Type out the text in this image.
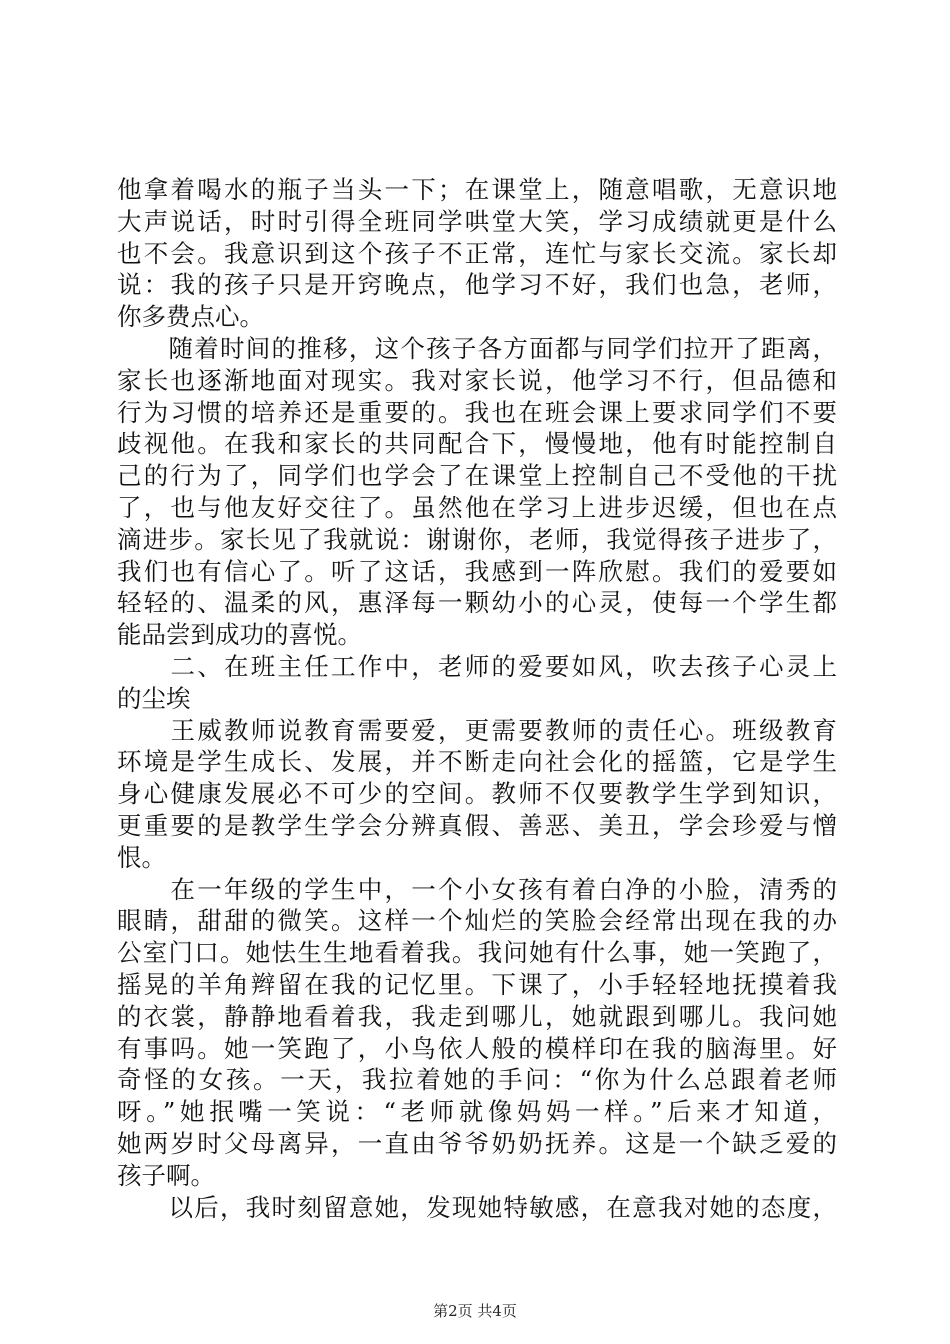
他拿着喝水的瓶子当头一下；在课堂上，随意唱歌，无意识地
大声说话，时时引得全班同学哄堂大笑，学习成绩就更是什么
也不会。我意识到这个孩子不正常，连忙与家长交流。家长却
说：我的孩子只是开窍晚点，他学习不好，我们也急，老师，
你多费点心。
　　随着时间的推移，这个孩子各方面都与同学们拉开了距离，
家长也逐渐地面对现实。我对家长说，他学习不行，但品德和
行为习惯的培养还是重要的。我也在班会课上要求同学们不要
歧视他。在我和家长的共同配合下，慢慢地，他有时能控制自
己的行为了，同学们也学会了在课堂上控制自己不受他的干扰
了，也与他友好交往了。虽然他在学习上进步迟缓，但也在点
滴进步。家长见了我就说：谢谢你，老师，我觉得孩子进步了，
我们也有信心了。听了这话，我感到一阵欣慰。我们的爱要如
轻轻的、温柔的风，惠泽每一颗幼小的心灵，使每一个学生都
能品尝到成功的喜悦。
　　二、在班主任工作中，老师的爱要如风，吹去孩子心灵上
的尘埃
　　王威教师说教育需要爱，更需要教师的责任心。班级教育
环境是学生成长、发展，并不断走向社会化的摇篮，它是学生
身心健康发展必不可少的空间。教师不仅要教学生学到知识，
更重要的是教学生学会分辨真假、善恶、美丑，学会珍爱与憎
恨。
　　在一年级的学生中，一个小女孩有着白净的小脸，清秀的
眼睛，甜甜的微笑。这样一个灿烂的笑脸会经常出现在我的办
公室门口。她怯生生地看着我。我问她有什么事，她一笑跑了，
摇晃的羊角辫留在我的记忆里。下课了，小手轻轻地抚摸着我
的衣裳，静静地看着我，我走到哪儿，她就跟到哪儿。我问她
有事吗。她一笑跑了，小鸟依人般的模样印在我的脑海里。好
奇怪的女孩。一天，我拉着她的手问：“你为什么总跟着老师
呀。”她抿嘴一笑说：“老师就像妈妈一样。”后来才知道，
她两岁时父母离异，一直由爷爷奶奶抚养。这是一个缺乏爱的
孩子啊。
　　以后，我时刻留意她，发现她特敏感，在意我对她的态度，
第2页 共4页
